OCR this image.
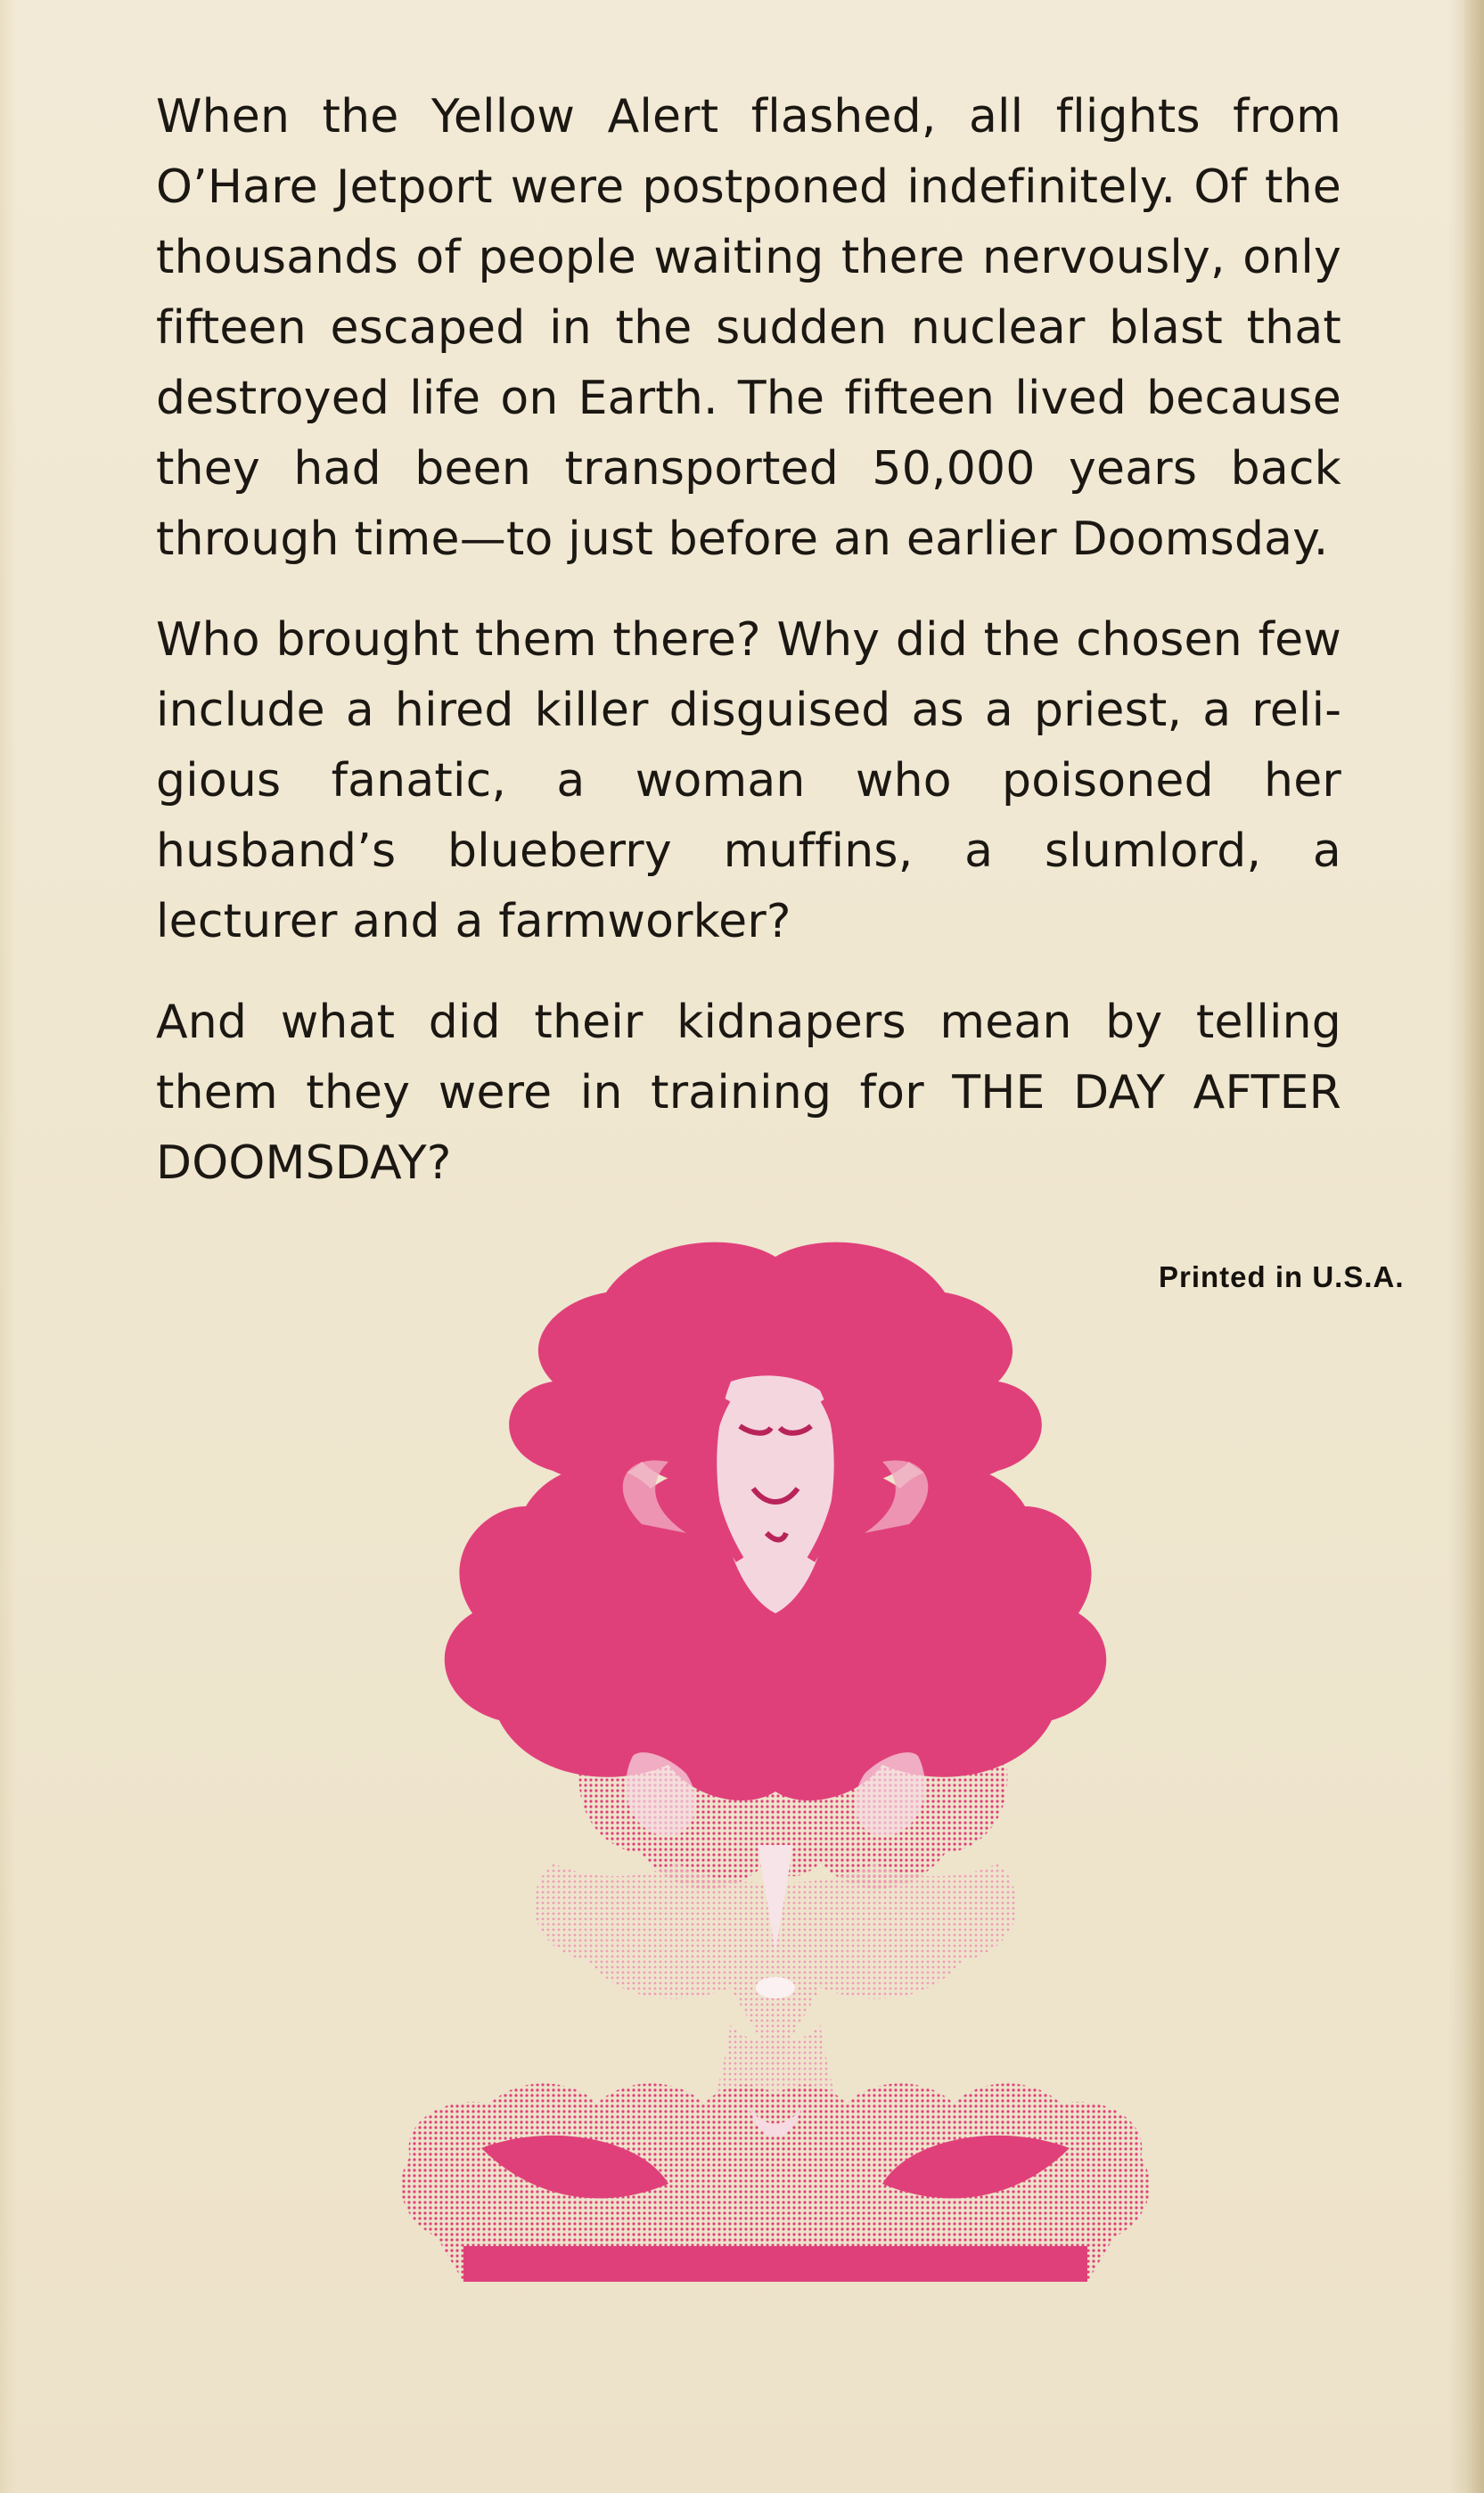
When the Yellow Alert flashed, all flights from O’Hare Jetport were postponed indefinitely. Of the thousands of people waiting there nervously, only fifteen escaped in the sudden nuclear blast that destroyed life on Earth. The fifteen lived because they had been transported 50,000 years back through time—to just before an earlier Doomsday.

Who brought them there? Why did the chosen few include a hired killer disguised as a priest, a religious fanatic, a woman who poisoned her husband’s blueberry muffins, a slumlord, a lecturer and a farmworker?

And what did their kidnapers mean by telling them they were in training for THE DAY AFTER DOOMSDAY?

Printed in U.S.A.
